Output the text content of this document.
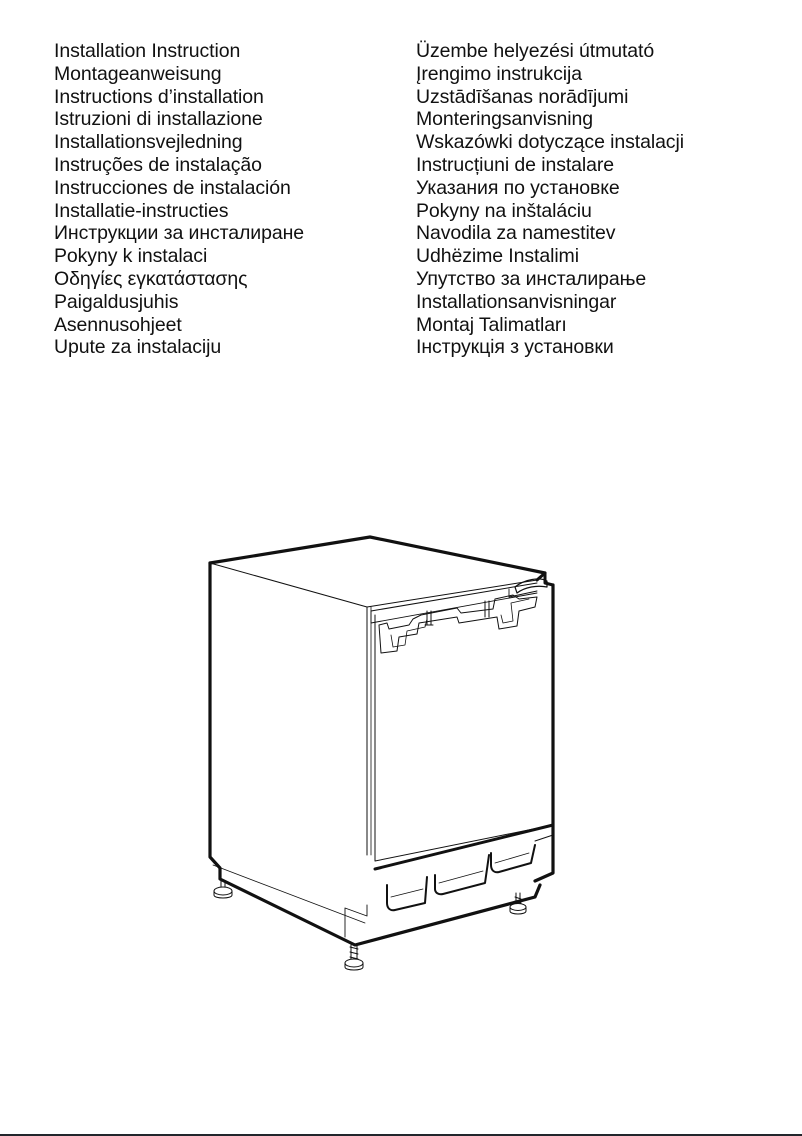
Installation Instruction
Montageanweisung
Instructions d’installation
Istruzioni di installazione
Installationsvejledning
Instruções de instalação
Instrucciones de instalación
Installatie-instructies
Инструкции за инсталиране
Pokyny k instalaci
Οδηγίες εγκατάστασης
Paigaldusjuhis
Asennusohjeet
Upute za instalaciju
Üzembe helyezési útmutató
Įrengimo instrukcija
Uzstādīšanas norādījumi
Monteringsanvisning
Wskazówki dotyczące instalacji
Instrucțiuni de instalare
Указания по установке
Pokyny na inštaláciu
Navodila za namestitev
Udhëzime Instalimi
Упутство за инсталирање
Installationsanvisningar
Montaj Talimatları
Інструкція з установки
